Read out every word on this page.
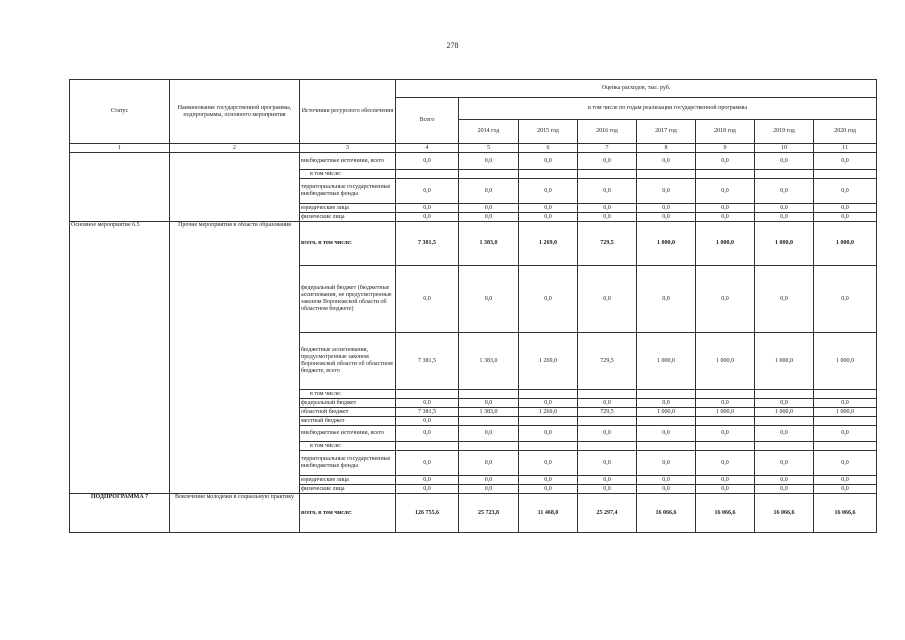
278
Статус	Наименование государственной программы, подпрограммы, основного мероприятия	Источники ресурсного обеспечения	Оценка расходов, тыс. руб.							
			Всего	в том числе по годам реализации государственной программы						
				2014 год	2015 год	2016 год	2017 год	2018 год	2019 год	2020 год
1	2	3	4	5	6	7	8	9	10	11
		внебюджетные источники, всего	0,0	0,0	0,0	0,0	0,0	0,0	0,0	0,0
		в том числе:								
		территориальные государственные внебюджетные фонды	0,0	0,0	0,0	0,0	0,0	0,0	0,0	0,0
		юридические лица	0,0	0,0	0,0	0,0	0,0	0,0	0,0	0,0
		физические лица	0,0	0,0	0,0	0,0	0,0	0,0	0,0	0,0
Основное мероприятие 6.5	Прочие мероприятия в области образования	всего, в том числе:	7 381,5	1 383,0	1 269,0	729,5	1 000,0	1 000,0	1 000,0	1 000,0
		федеральный бюджет (бюджетные ассигнования, не предусмотренные законом Воронежской области об областном бюджете)	0,0	0,0	0,0	0,0	0,0	0,0	0,0	0,0
		бюджетные ассигнования, предусмотренные законом Воронежской области об областном бюджете, всего	7 381,5	1 383,0	1 269,0	729,5	1 000,0	1 000,0	1 000,0	1 000,0
		в том числе:								
		федеральный бюджет	0,0	0,0	0,0	0,0	0,0	0,0	0,0	0,0
		областной бюджет	7 381,5	1 383,0	1 269,0	729,5	1 000,0	1 000,0	1 000,0	1 000,0
		местный бюджет	0,0							
		внебюджетные источники, всего	0,0	0,0	0,0	0,0	0,0	0,0	0,0	0,0
		в том числе:								
		территориальные государственные внебюджетные фонды	0,0	0,0	0,0	0,0	0,0	0,0	0,0	0,0
		юридические лица	0,0	0,0	0,0	0,0	0,0	0,0	0,0	0,0
		физические лица	0,0	0,0	0,0	0,0	0,0	0,0	0,0	0,0
ПОДПРОГРАММА 7	Вовлечение молодежи в социальную практику	всего, в том числе:	126 755,6	25 723,8	11 468,0	25 297,4	16 066,6	16 066,6	16 066,6	16 066,6
